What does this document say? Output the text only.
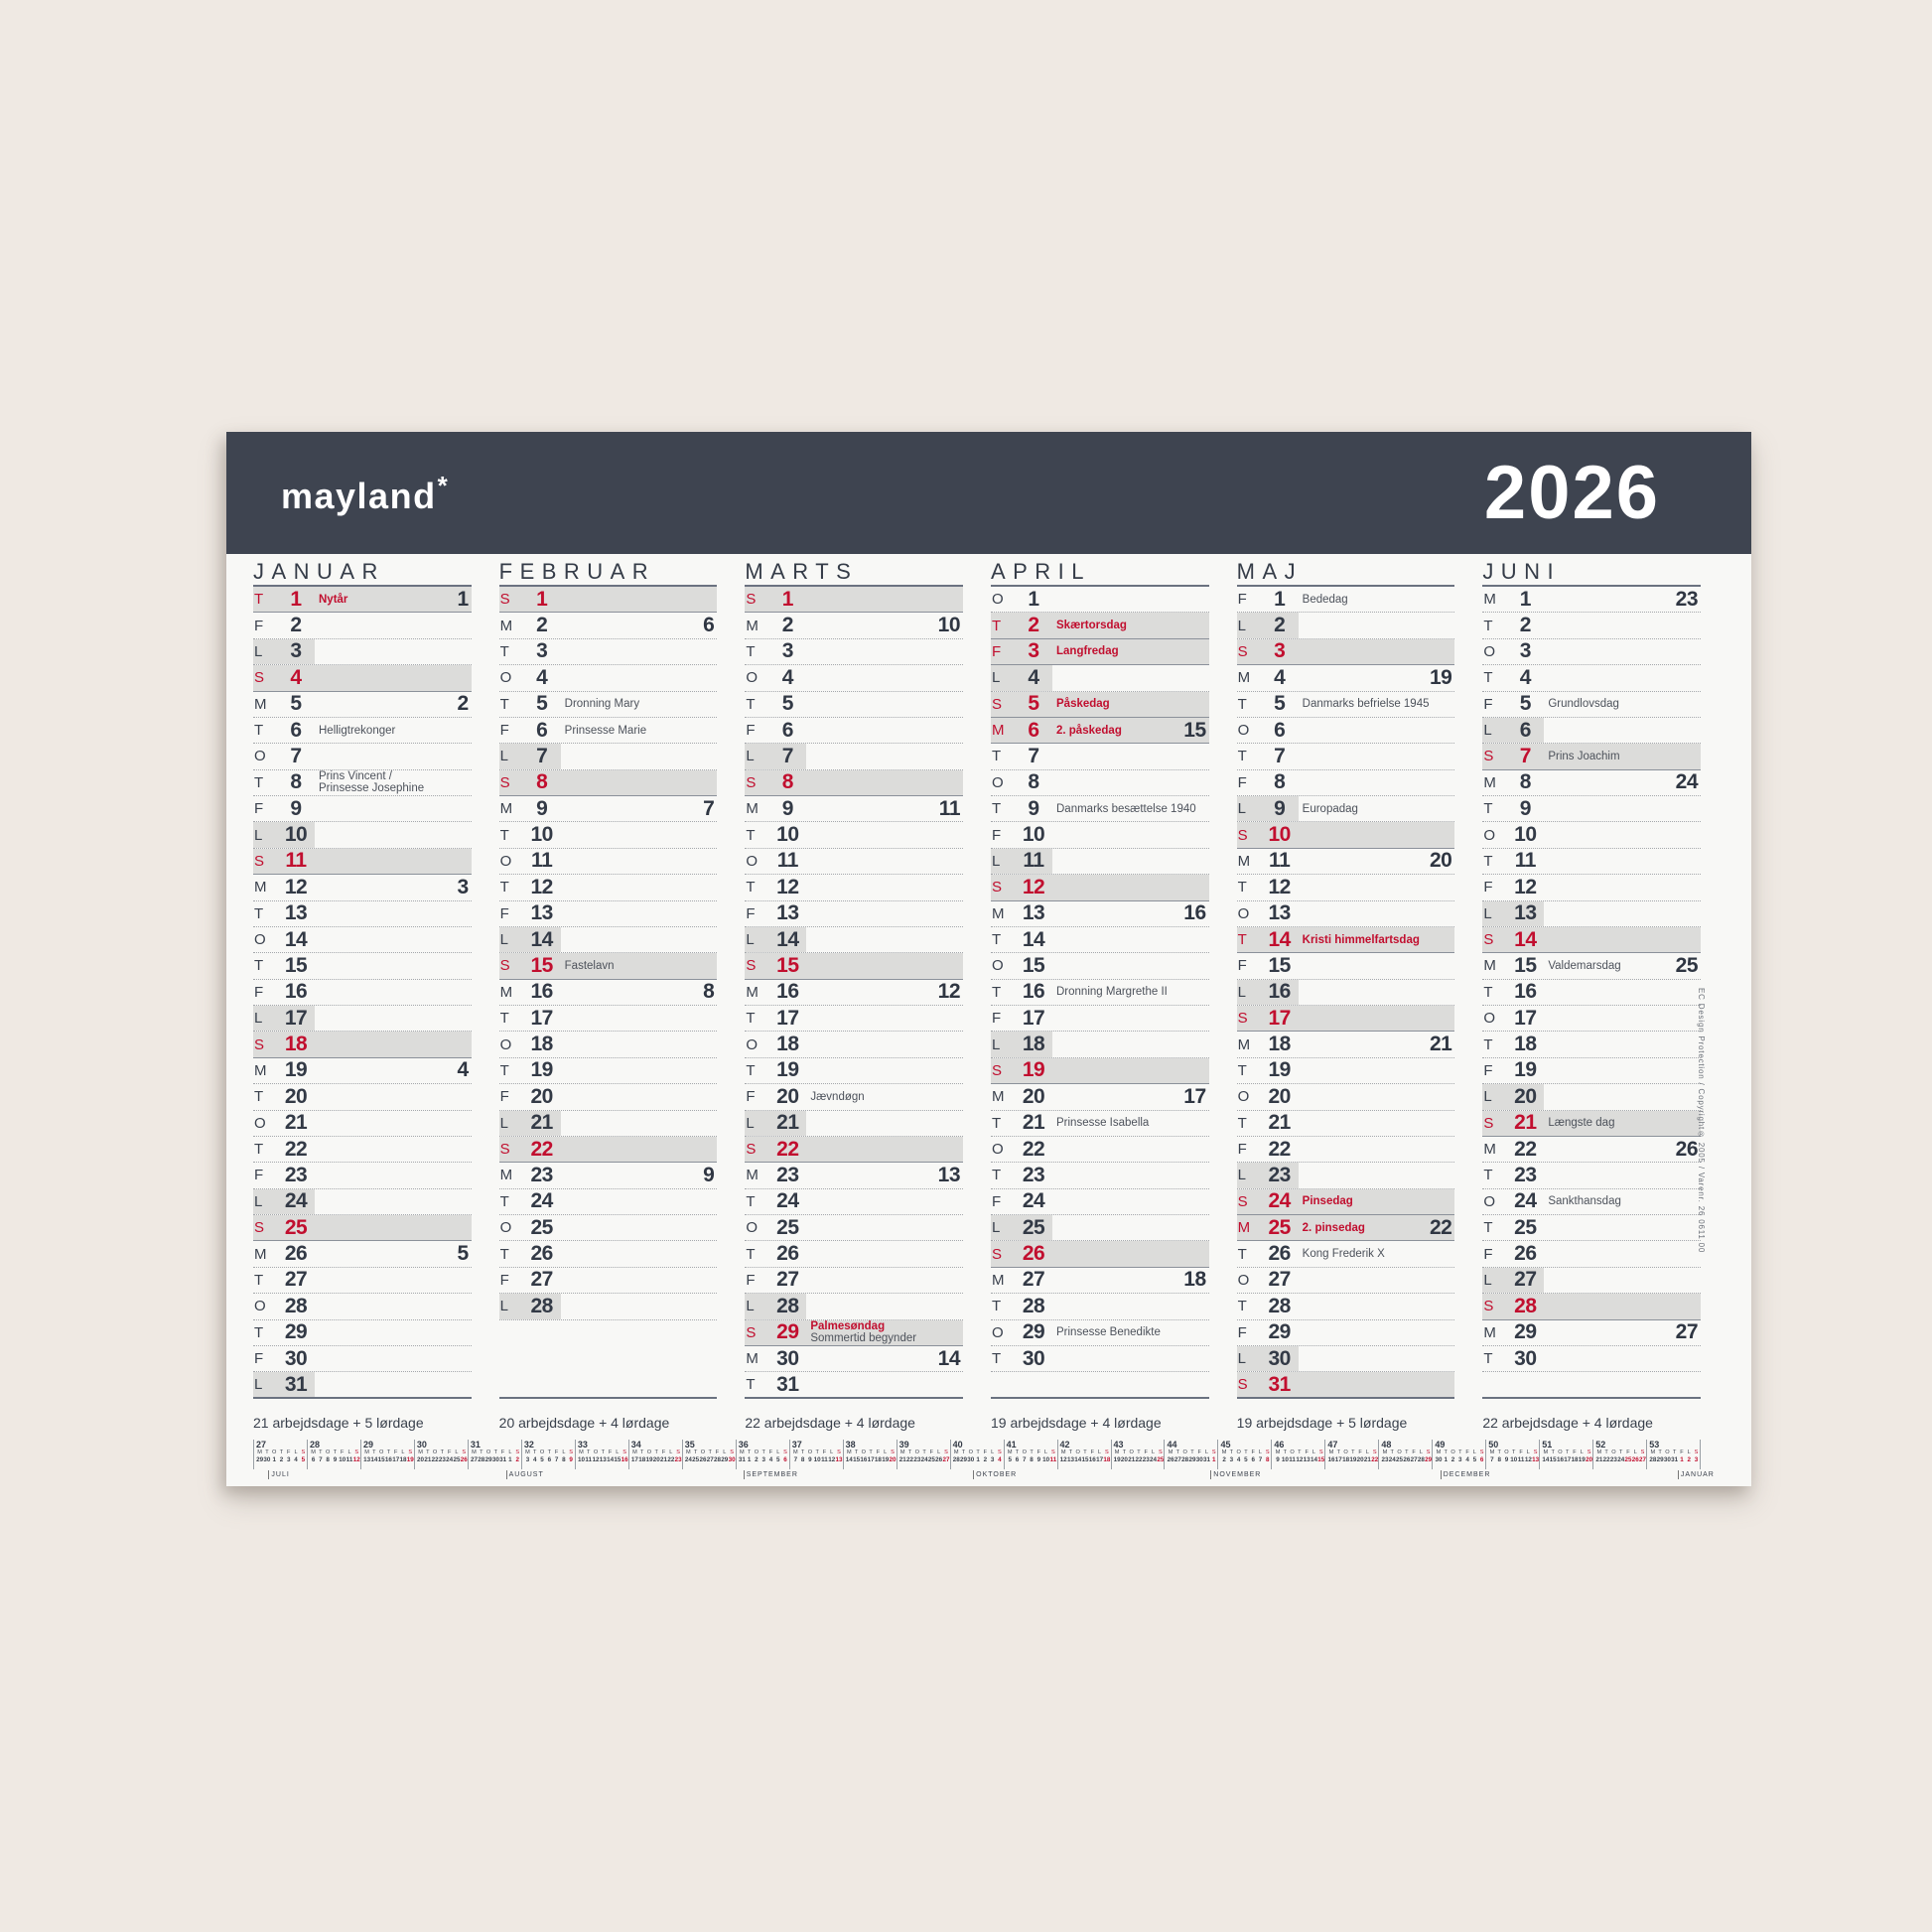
mayland*	2026
JANUAR
T	1	Nytår	1
F	2
L	3
S	4
M	5	2
T	6	Helligtrekonger
O	7
T	8	Prins Vincent /
Prinsesse Josephine
F	9
L	10
S	11
M 12	3
T	13
O 14
T	15
F	16
L	17
S 18
M 19	4
T	20
O 21
T	22
F	23
L	24
S 25
M 26	5
T	27
O 28
T	29
F	30
L	31
FEBRUAR
S	1
M	2	6
T	3
O	4
T	5	Dronning Mary
F	6	Prinsesse Marie
L	7
S	8
M	9	7
T	10
O 11
T	12
F	13
L	14
S 15	Fastelavn
M 16	8
T	17
O 18
T	19
F	20
L	21
S 22
M 23	9
T	24
O 25
T	26
F	27
L	28
MARTS
S	1
M	2	10
T	3
O	4
T	5
F	6
L	7
S	8
M	9	11
T	10
O 11
T	12
F	13
L	14
S 15
M 16	12
T	17
O 18
T	19
F	20	Jævndøgn
L	21
S 22
M 23	13
T	24
O 25
T	26
F	27
L	28
S 29	Palmesøndag
Sommertid begynder
M 30	14
T	31
APRIL
O	1
T	2	Skærtorsdag
F	3	Langfredag
L	4
S	5	Påskedag
M	6	2. påskedag	15
T	7
O	8
T	9	Danmarks besættelse 1940
F	10
L	11
S 12
M 13	16
T	14
O 15
T	16	Dronning Margrethe II
F	17
L	18
S 19
M 20	17
T	21	Prinsesse Isabella
O 22
T	23
F	24
L	25
S 26
M 27	18
T	28
O 29	Prinsesse Benedikte
T	30
MAJ
F	1	Bededag
L	2
S	3
M	4	19
T	5	Danmarks befrielse 1945
O	6
T	7
F	8
L	9	Europadag
S 10
M 11	20
T	12
O 13
T	14	Kristi himmelfartsdag
F	15
L	16
S 17
M 18	21
T	19
O 20
T	21
F	22
L	23
S 24	Pinsedag
M 25	2. pinsedag	22
T	26	Kong Frederik X
O 27
T	28
F	29
L	30
S 31
JUNI
M	1	23
T	2
O	3
T	4
F	5	Grundlovsdag
L	6
S	7	Prins Joachim
M	8	24
T	9
O 10
T	11
F	12
L	13
S 14
M 15	Valdemarsdag	25
T	16
O 17
T	18
F	19
L	20
S 21	Længste dag
M 22	26
T	23
O 24	Sankthansdag
T	25
F	26
L	27
S 28
M 29	27
T	30
21 arbejdsdage + 5 lørdage	20 arbejdsdage + 4 lørdage	22 arbejdsdage + 4 lørdage	19 arbejdsdage + 4 lørdage	19 arbejdsdage + 5 lørdage	22 arbejdsdage + 4 lørdage
27
M T O T F L S
29 30 1 2 3 4 5
28
M T O T F L S
6 7 8 9 10 11 12
29
M T O T F L S
13 14 15 16 17 18 19
30
M T O T F L S
20 21 22 23 24 25 26
31
M T O T F L S
27 28 29 30 31 1 2
32
M T O T F L S
3 4 5 6 7 8 9
33
M T O T F L S
10 11 12 13 14 15 16
34
M T O T F L S
17 18 19 20 21 22 23
35
M T O T F L S
24 25 26 27 28 29 30
36
M T O T F L S
31 1 2 3 4 5 6
37
M T O T F L S
7 8 9 10 11 12 13
38
M T O T F L S
14 15 16 17 18 19 20
39
M T O T F L S
21 22 23 24 25 26 27
40
M T O T F L S
28 29 30 1 2 3 4
41
M T O T F L S
5 6 7 8 9 10 11
42
M T O T F L S
12 13 14 15 16 17 18
43
M T O T F L S
19 20 21 22 23 24 25
44
M T O T F L S
26 27 28 29 30 31 1
45
M T O T F L S
2 3 4 5 6 7 8
46
M T O T F L S
9 10 11 12 13 14 15
47
M T O T F L S
16 17 18 19 20 21 22
48
M T O T F L S
23 24 25 26 27 28 29
49
M T O T F L S
30 1 2 3 4 5 6
50
M T O T F L S
7 8 9 10 11 12 13
51
M T O T F L S
14 15 16 17 18 19 20
52
M T O T F L S
21 22 23 24 25 26 27
53
M T O T F L S
28 29 30 31 1 2 3
JULI	AUGUST	SEPTEMBER	OKTOBER	NOVEMBER	DECEMBER	JANUAR
EC Design Protection / Copyright® 2005 / Varenr. 26 0611 00
